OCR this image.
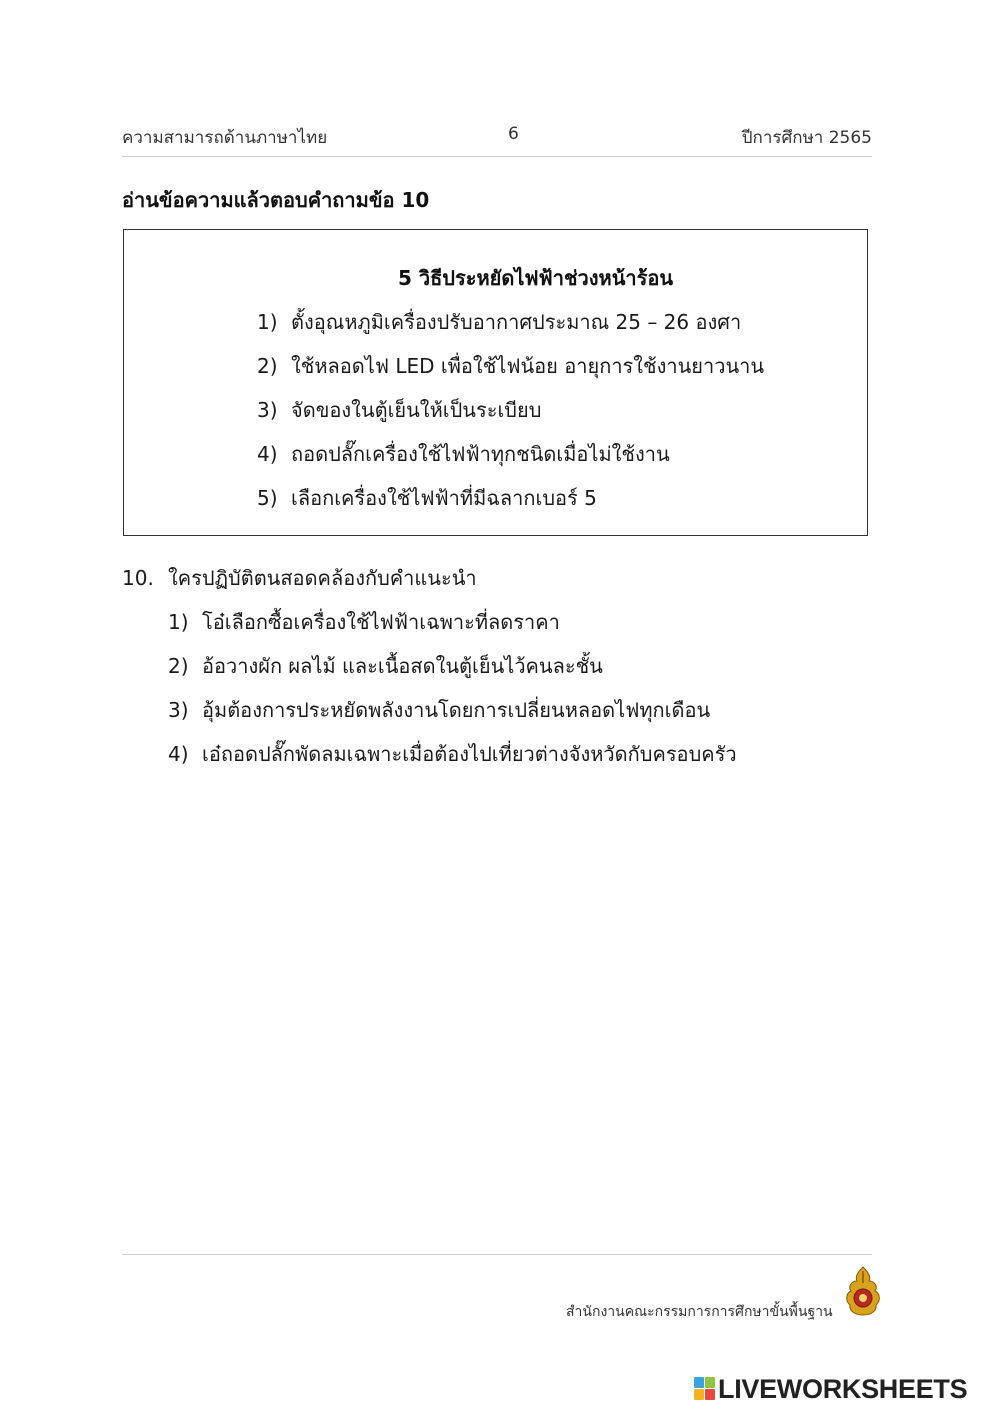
ความสามารถด้านภาษาไทย	6	ปีการศึกษา 2565
อ่านข้อความแล้วตอบคำถามข้อ 10
5 วิธีประหยัดไฟฟ้าช่วงหน้าร้อน
1) ตั้งอุณหภูมิเครื่องปรับอากาศประมาณ 25 – 26 องศา
2) ใช้หลอดไฟ LED เพื่อใช้ไฟน้อย อายุการใช้งานยาวนาน
3) จัดของในตู้เย็นให้เป็นระเบียบ
4) ถอดปลั๊กเครื่องใช้ไฟฟ้าทุกชนิดเมื่อไม่ใช้งาน
5) เลือกเครื่องใช้ไฟฟ้าที่มีฉลากเบอร์ 5
10. ใครปฏิบัติตนสอดคล้องกับคำแนะนำ
1) โอ๋เลือกซื้อเครื่องใช้ไฟฟ้าเฉพาะที่ลดราคา
2) อ้อวางผัก ผลไม้ และเนื้อสดในตู้เย็นไว้คนละชั้น
3) อุ้มต้องการประหยัดพลังงานโดยการเปลี่ยนหลอดไฟทุกเดือน
4) เอ๋ถอดปลั๊กพัดลมเฉพาะเมื่อต้องไปเที่ยวต่างจังหวัดกับครอบครัว
สำนักงานคณะกรรมการการศึกษาขั้นพื้นฐาน
LIVEWORKSHEETS
